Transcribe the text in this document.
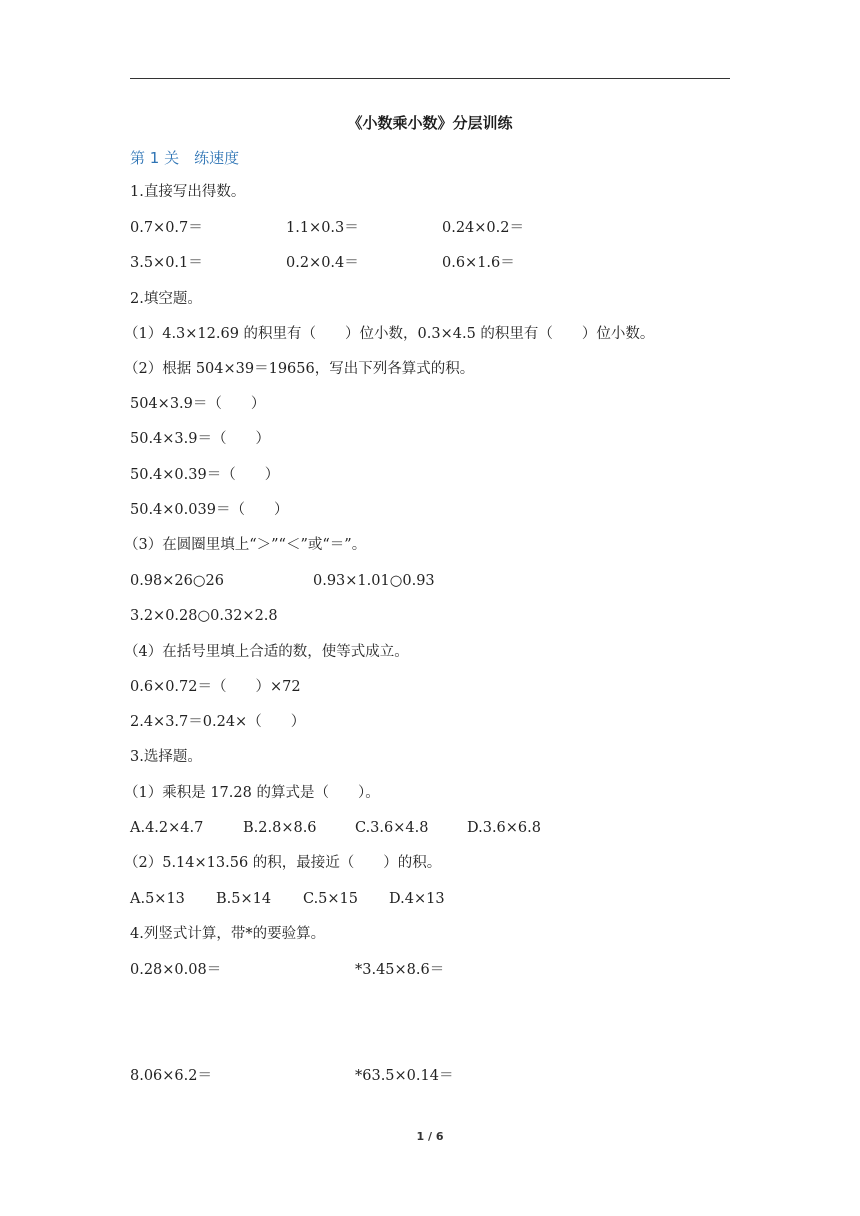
《小数乘小数》分层训练
第 1 关　练速度
1.直接写出得数。
0.7×0.7＝	1.1×0.3＝	0.24×0.2＝
3.5×0.1＝	0.2×0.4＝	0.6×1.6＝
2.填空题。
（1）4.3×12.69 的积里有（　　）位小数，0.3×4.5 的积里有（　　）位小数。
（2）根据 504×39＝19656，写出下列各算式的积。
504×3.9＝（　　）
50.4×3.9＝（　　）
50.4×0.39＝（　　）
50.4×0.039＝（　　）
（3）在圆圈里填上“＞”“＜”或“＝”。
0.98×26○26	0.93×1.01○0.93
3.2×0.28○0.32×2.8
（4）在括号里填上合适的数，使等式成立。
0.6×0.72＝（　　）×72
2.4×3.7＝0.24×（　　）
3.选择题。
（1）乘积是 17.28 的算式是（　　）。
A.4.2×4.7	B.2.8×8.6	C.3.6×4.8	D.3.6×6.8
（2）5.14×13.56 的积，最接近（　　）的积。
A.5×13 B.5×14 C.5×15 D.4×13
4.列竖式计算，带*的要验算。
0.28×0.08＝	*3.45×8.6＝
8.06×6.2＝	*63.5×0.14＝
1 / 6
